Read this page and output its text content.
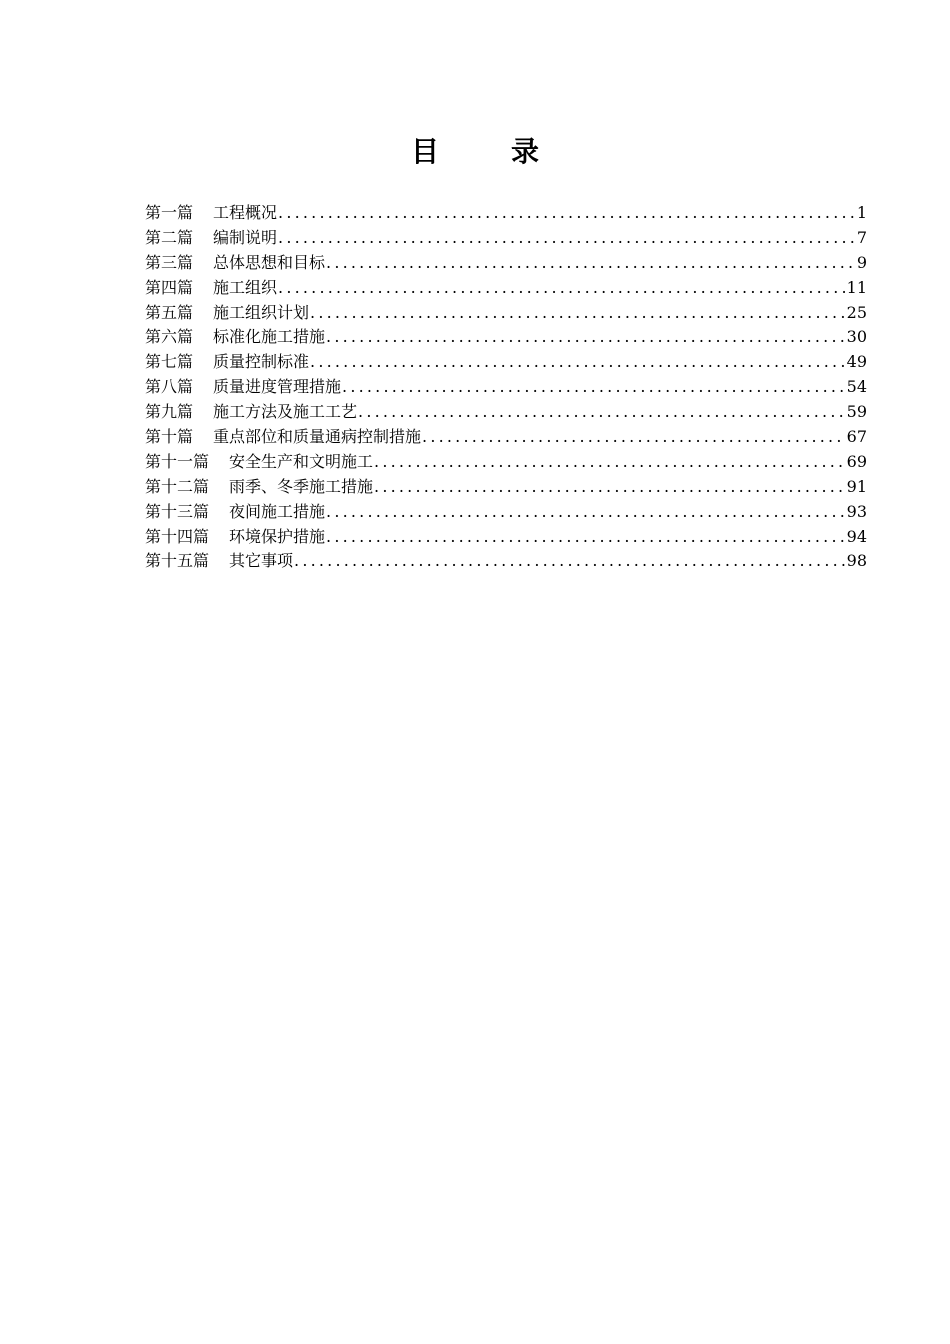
目　录
第一篇 工程概况 .....	1
第二篇 编制说明 .....	7
第三篇 总体思想和目标 .....	9
第四篇 施工组织 .....	11
第五篇 施工组织计划 .....	25
第六篇 标准化施工措施 .....	30
第七篇 质量控制标准 .....	49
第八篇 质量进度管理措施 .....	54
第九篇 施工方法及施工工艺 .....	59
第十篇 重点部位和质量通病控制措施 .....	67
第十一篇 安全生产和文明施工 .....	69
第十二篇 雨季、冬季施工措施 .....	91
第十三篇 夜间施工措施 .....	93
第十四篇 环境保护措施 .....	94
第十五篇 其它事项 .....	98
